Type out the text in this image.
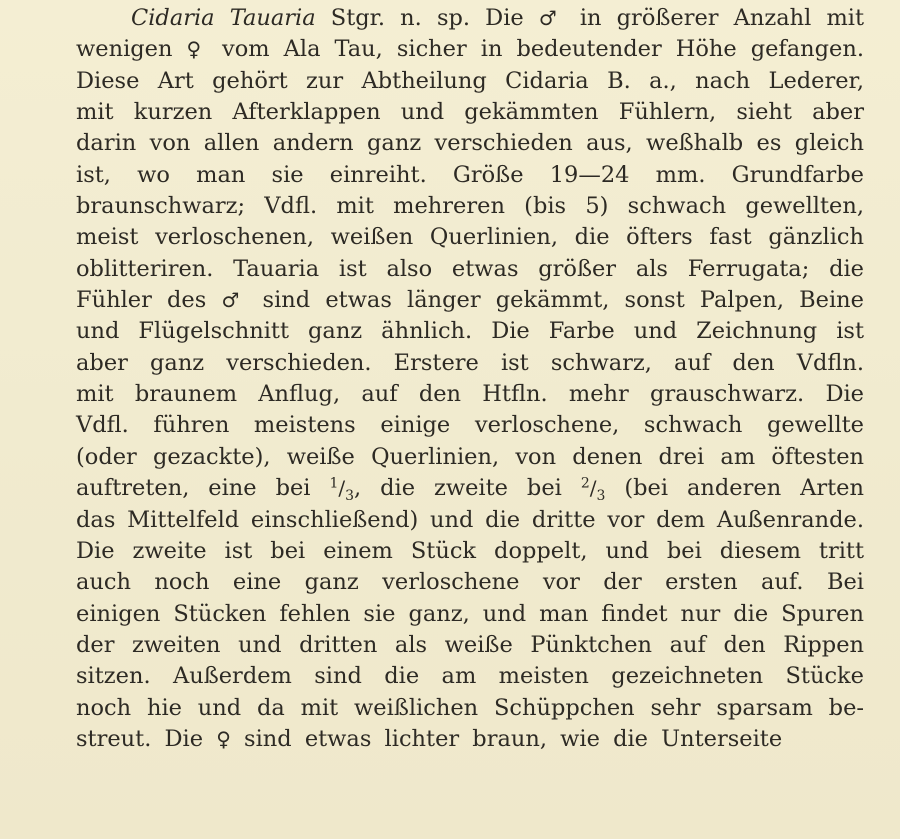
Cidaria Tauaria Stgr. n. sp. Die ♂ in größerer Anzahl mit
wenigen ♀ vom Ala Tau, sicher in bedeutender Höhe gefangen.
Diese Art gehört zur Abtheilung Cidaria B. a., nach Lederer,
mit kurzen Afterklappen und gekämmten Fühlern, sieht aber
darin von allen andern ganz verschieden aus, weßhalb es gleich
ist, wo man sie einreiht. Größe 19—24 mm. Grundfarbe
braunschwarz; Vdfl. mit mehreren (bis 5) schwach gewellten,
meist verloschenen, weißen Querlinien, die öfters fast gänzlich
oblitteriren. Tauaria ist also etwas größer als Ferrugata; die
Fühler des ♂ sind etwas länger gekämmt, sonst Palpen, Beine
und Flügelschnitt ganz ähnlich. Die Farbe und Zeichnung ist
aber ganz verschieden. Erstere ist schwarz, auf den Vdfln.
mit braunem Anflug, auf den Htfln. mehr grauschwarz. Die
Vdfl. führen meistens einige verloschene, schwach gewellte
(oder gezackte), weiße Querlinien, von denen drei am öftesten
auftreten, eine bei $^1/_3$, die zweite bei $^2/_3$ (bei anderen Arten
das Mittelfeld einschließend) und die dritte vor dem Außenrande.
Die zweite ist bei einem Stück doppelt, und bei diesem tritt
auch noch eine ganz verloschene vor der ersten auf. Bei
einigen Stücken fehlen sie ganz, und man findet nur die Spuren
der zweiten und dritten als weiße Pünktchen auf den Rippen
sitzen. Außerdem sind die am meisten gezeichneten Stücke
noch hie und da mit weißlichen Schüppchen sehr sparsam be-
streut. Die ♀ sind etwas lichter braun, wie die Unterseite
